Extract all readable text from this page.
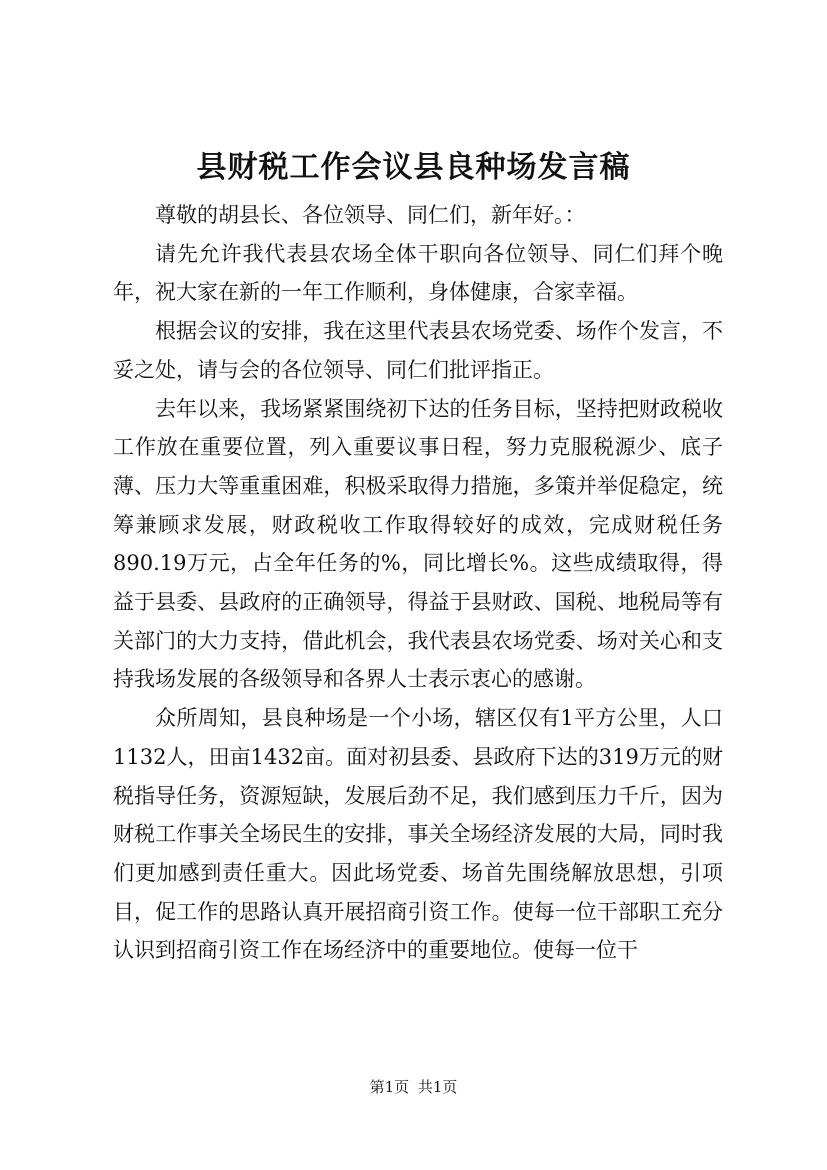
县财税工作会议县良种场发言稿

尊敬的胡县长、各位领导、同仁们，新年好。：

请先允许我代表县农场全体干职向各位领导、同仁们拜个晚年，祝大家在新的一年工作顺利，身体健康，合家幸福。

根据会议的安排，我在这里代表县农场党委、场作个发言，不妥之处，请与会的各位领导、同仁们批评指正。

去年以来，我场紧紧围绕初下达的任务目标，坚持把财政税收工作放在重要位置，列入重要议事日程，努力克服税源少、底子薄、压力大等重重困难，积极采取得力措施，多策并举促稳定，统筹兼顾求发展，财政税收工作取得较好的成效，完成财税任务890.19万元，占全年任务的%，同比增长%。这些成绩取得，得益于县委、县政府的正确领导，得益于县财政、国税、地税局等有关部门的大力支持，借此机会，我代表县农场党委、场对关心和支持我场发展的各级领导和各界人士表示衷心的感谢。

众所周知，县良种场是一个小场，辖区仅有1平方公里，人口1132人，田亩1432亩。面对初县委、县政府下达的319万元的财税指导任务，资源短缺，发展后劲不足，我们感到压力千斤，因为财税工作事关全场民生的安排，事关全场经济发展的大局，同时我们更加感到责任重大。因此场党委、场首先围绕解放思想，引项目，促工作的思路认真开展招商引资工作。使每一位干部职工充分认识到招商引资工作在场经济中的重要地位。使每一位干

第1页 共1页
